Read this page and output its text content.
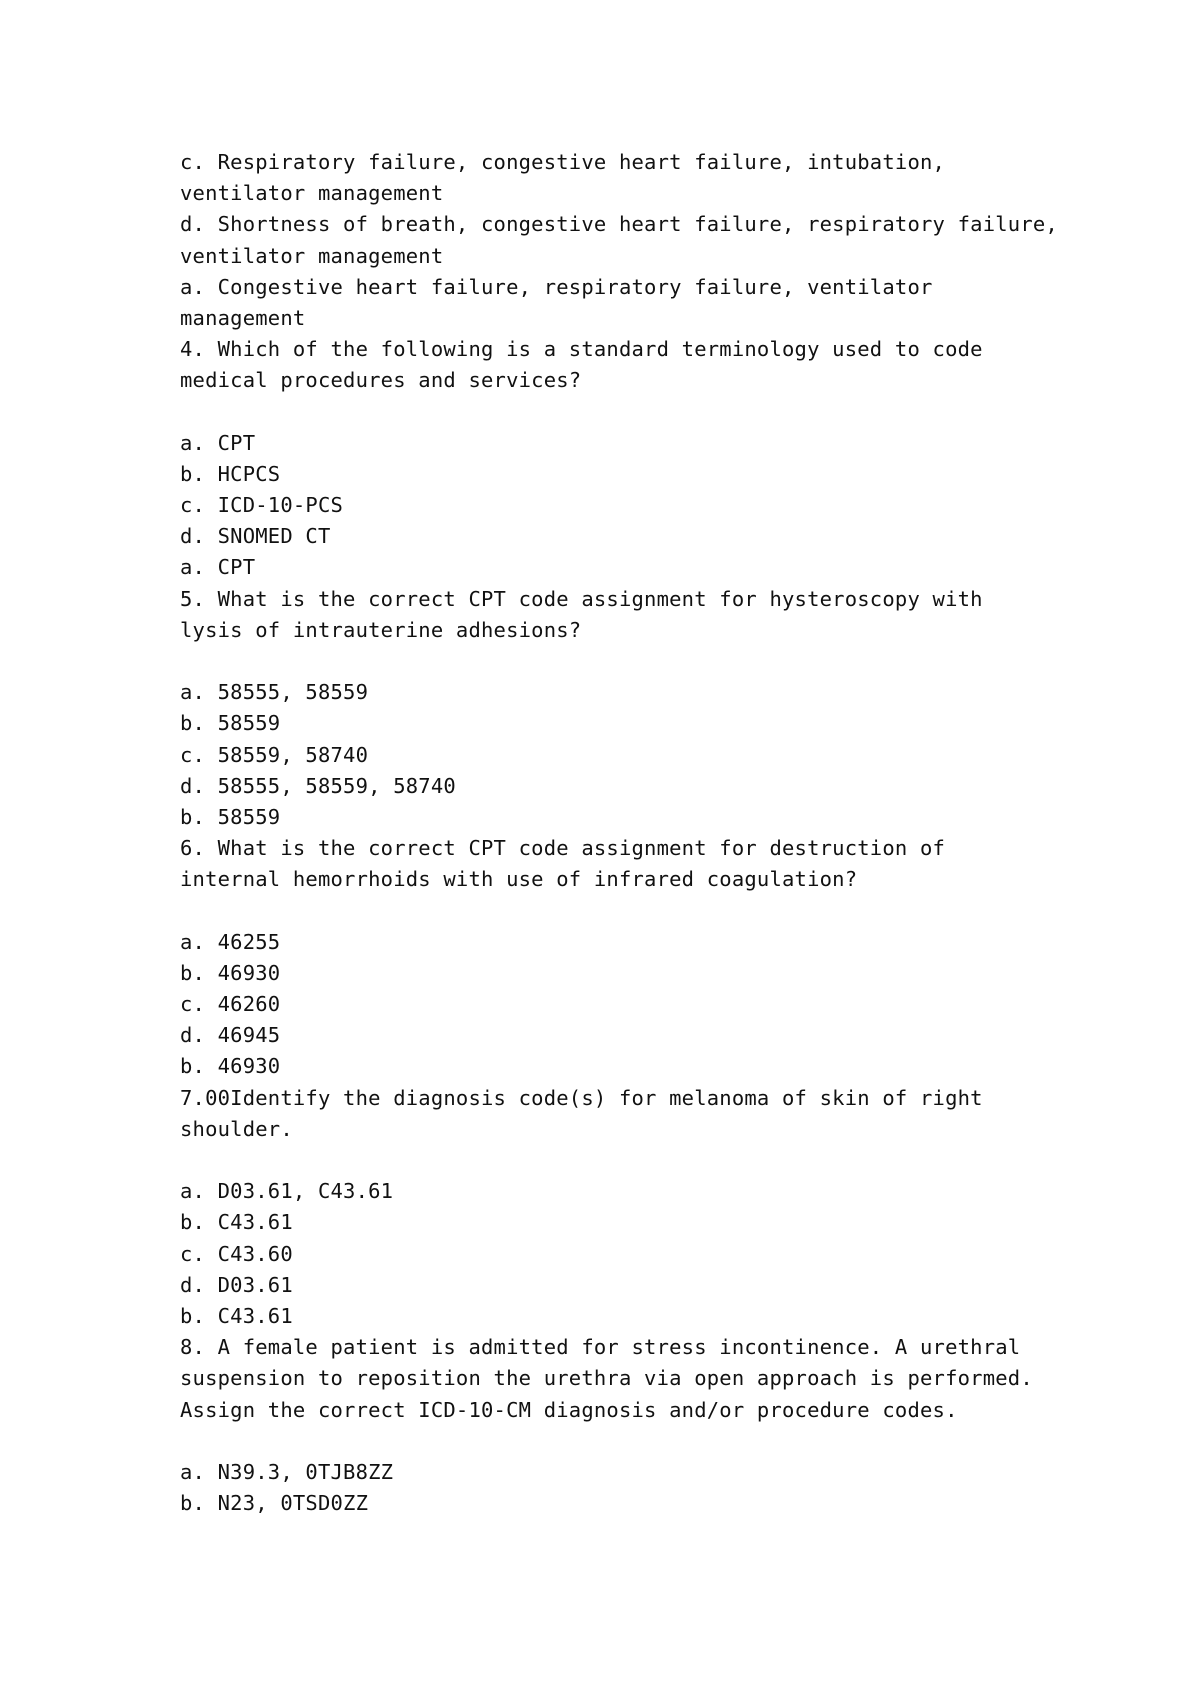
c. Respiratory failure, congestive heart failure, intubation,
ventilator management
d. Shortness of breath, congestive heart failure, respiratory failure,
ventilator management
a. Congestive heart failure, respiratory failure, ventilator
management
4. Which of the following is a standard terminology used to code
medical procedures and services?
a. CPT
b. HCPCS
c. ICD-10-PCS
d. SNOMED CT
a. CPT
5. What is the correct CPT code assignment for hysteroscopy with
lysis of intrauterine adhesions?
a. 58555, 58559
b. 58559
c. 58559, 58740
d. 58555, 58559, 58740
b. 58559
6. What is the correct CPT code assignment for destruction of
internal hemorrhoids with use of infrared coagulation?
a. 46255
b. 46930
c. 46260
d. 46945
b. 46930
7.00Identify the diagnosis code(s) for melanoma of skin of right
shoulder.
a. D03.61, C43.61
b. C43.61
c. C43.60
d. D03.61
b. C43.61
8. A female patient is admitted for stress incontinence. A urethral
suspension to reposition the urethra via open approach is performed.
Assign the correct ICD-10-CM diagnosis and/or procedure codes.
a. N39.3, 0TJB8ZZ
b. N23, 0TSD0ZZ
